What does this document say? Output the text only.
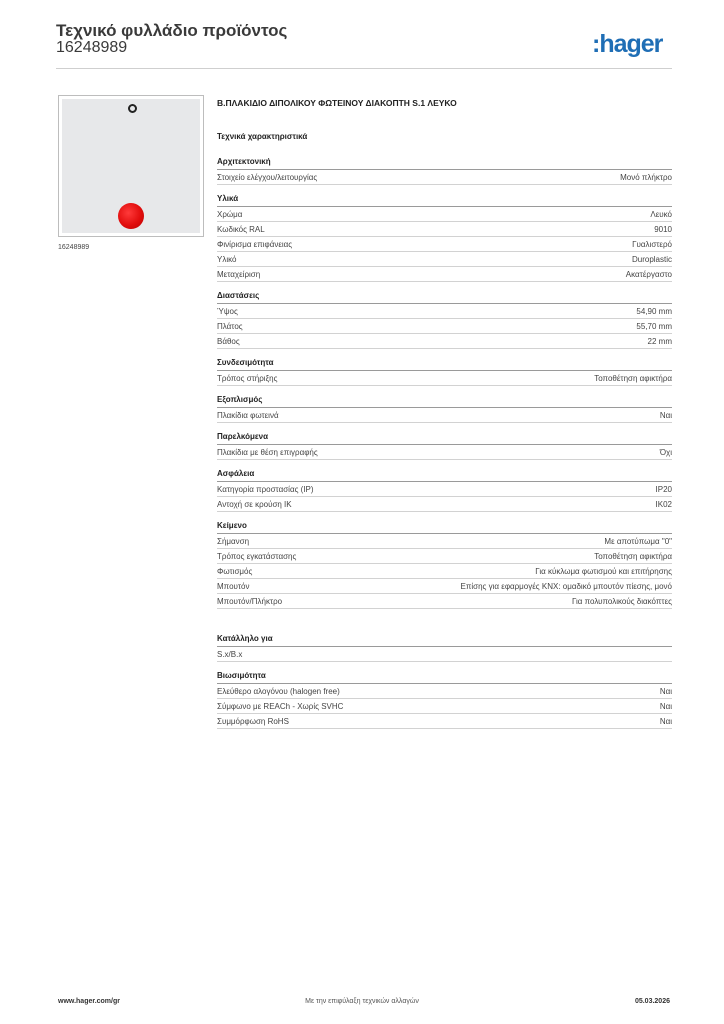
Τεχνικό φυλλάδιο προϊόντος
16248989	:hager
16248989
B.ΠΛΑΚΙΔΙΟ ΔΙΠΟΛΙΚΟΥ ΦΩΤΕΙΝΟΥ ΔΙΑΚΟΠΤΗ S.1 ΛΕΥΚΟ
Τεχνικά χαρακτηριστικά
Αρχιτεκτονική
Στοιχείο ελέγχου/λειτουργίας	Μονό πλήκτρο
Υλικά
Χρώμα	Λευκό
Κωδικός RAL	9010
Φινίρισμα επιφάνειας	Γυαλιστερό
Υλικό	Duroplastic
Μεταχείριση	Ακατέργαστο
Διαστάσεις
Ύψος	54,90 mm
Πλάτος	55,70 mm
Βάθος	22 mm
Συνδεσιμότητα
Τρόπος στήριξης	Τοποθέτηση αφικτήρα
Εξοπλισμός
Πλακίδια φωτεινά	Ναι
Παρελκόμενα
Πλακίδια με θέση επιγραφής	Όχι
Ασφάλεια
Κατηγορία προστασίας (IP)	IP20
Αντοχή σε κρούση IK	IK02
Κείμενο
Σήμανση	Με αποτύπωμα "0"
Τρόπος εγκατάστασης	Τοποθέτηση αφικτήρα
Φωτισμός	Για κύκλωμα φωτισμού και επιτήρησης
Μπουτόν	Επίσης για εφαρμογές KNX: ομαδικό μπουτόν πίεσης, μονό
Μπουτόν/Πλήκτρο	Για πολυπολικούς διακόπτες
Κατάλληλο για
S.x/B.x
Βιωσιμότητα
Ελεύθερο αλογόνου (halogen free)	Ναι
Σύμφωνο με REACh - Χωρίς SVHC	Ναι
Συμμόρφωση RoHS	Ναι
www.hager.com/gr	Με την επιφύλαξη τεχνικών αλλαγών	05.03.2026
